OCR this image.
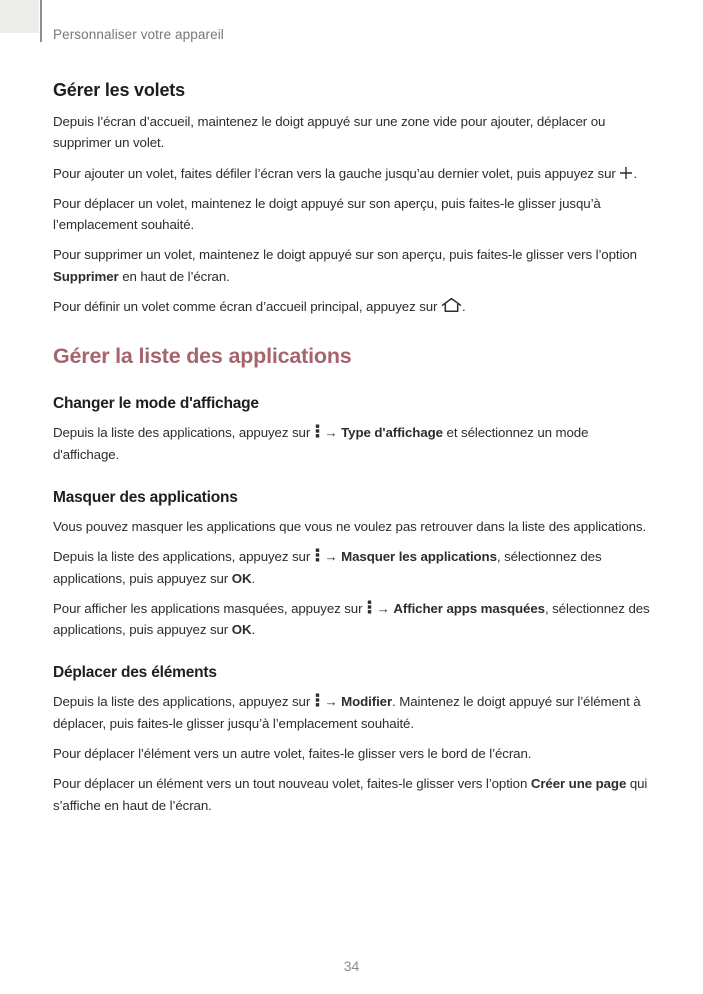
Personnaliser votre appareil
Gérer les volets

Depuis l’écran d’accueil, maintenez le doigt appuyé sur une zone vide pour ajouter, déplacer ou supprimer un volet.

Pour ajouter un volet, faites défiler l’écran vers la gauche jusqu’au dernier volet, puis appuyez sur .

Pour déplacer un volet, maintenez le doigt appuyé sur son aperçu, puis faites-le glisser jusqu’à l’emplacement souhaité.

Pour supprimer un volet, maintenez le doigt appuyé sur son aperçu, puis faites-le glisser vers l’option Supprimer en haut de l’écran.

Pour définir un volet comme écran d’accueil principal, appuyez sur .

Gérer la liste des applications
Changer le mode d'affichage

Depuis la liste des applications, appuyez sur  → Type d'affichage et sélectionnez un mode d'affichage.

Masquer des applications

Vous pouvez masquer les applications que vous ne voulez pas retrouver dans la liste des applications.

Depuis la liste des applications, appuyez sur  → Masquer les applications, sélectionnez des applications, puis appuyez sur OK.

Pour afficher les applications masquées, appuyez sur  → Afficher apps masquées, sélectionnez des applications, puis appuyez sur OK.

Déplacer des éléments

Depuis la liste des applications, appuyez sur  → Modifier. Maintenez le doigt appuyé sur l’élément à déplacer, puis faites-le glisser jusqu’à l’emplacement souhaité.

Pour déplacer l’élément vers un autre volet, faites-le glisser vers le bord de l’écran.

Pour déplacer un élément vers un tout nouveau volet, faites-le glisser vers l’option Créer une page qui s’affiche en haut de l’écran.

34
